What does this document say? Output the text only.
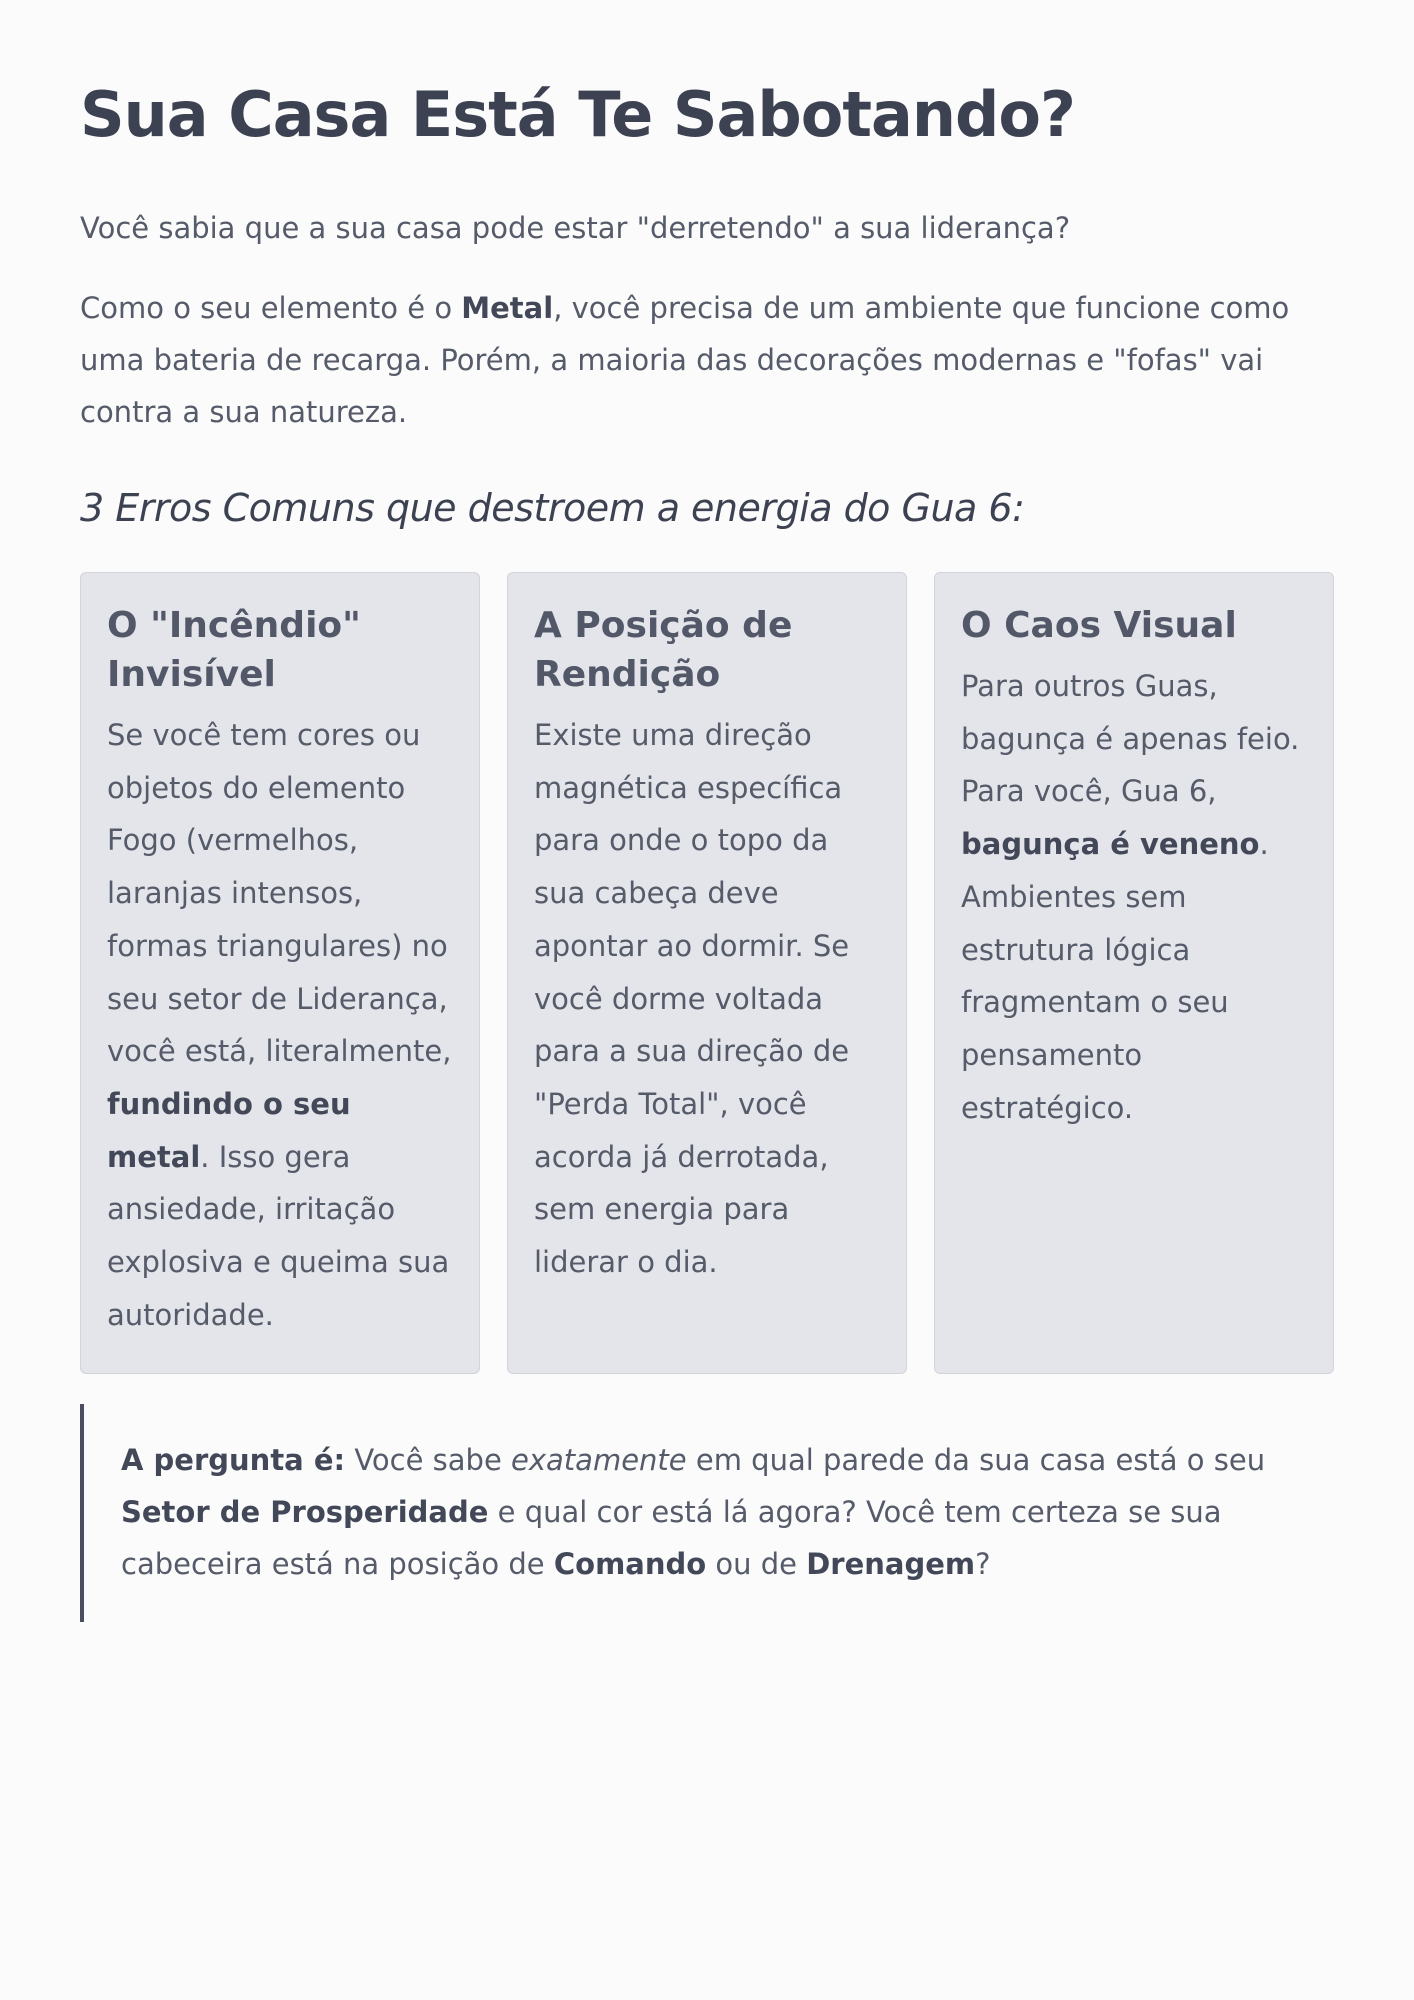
Sua Casa Está Te Sabotando?

Você sabia que a sua casa pode estar "derretendo" a sua liderança?

Como o seu elemento é o Metal, você precisa de um ambiente que funcione como uma bateria de recarga. Porém, a maioria das decorações modernas e "fofas" vai contra a sua natureza.

3 Erros Comuns que destroem a energia do Gua 6:
O "Incêndio" Invisível

Se você tem cores ou objetos do elemento Fogo (vermelhos, laranjas intensos, formas triangulares) no seu setor de Liderança, você está, literalmente, fundindo o seu metal. Isso gera ansiedade, irritação explosiva e queima sua autoridade.

A Posição de Rendição

Existe uma direção magnética específica para onde o topo da sua cabeça deve apontar ao dormir. Se você dorme voltada para a sua direção de "Perda Total", você acorda já derrotada, sem energia para liderar o dia.

O Caos Visual

Para outros Guas, bagunça é apenas feio. Para você, Gua 6, bagunça é veneno. Ambientes sem estrutura lógica fragmentam o seu pensamento estratégico.

A pergunta é: Você sabe exatamente em qual parede da sua casa está o seu Setor de Prosperidade e qual cor está lá agora? Você tem certeza se sua cabeceira está na posição de Comando ou de Drenagem?
